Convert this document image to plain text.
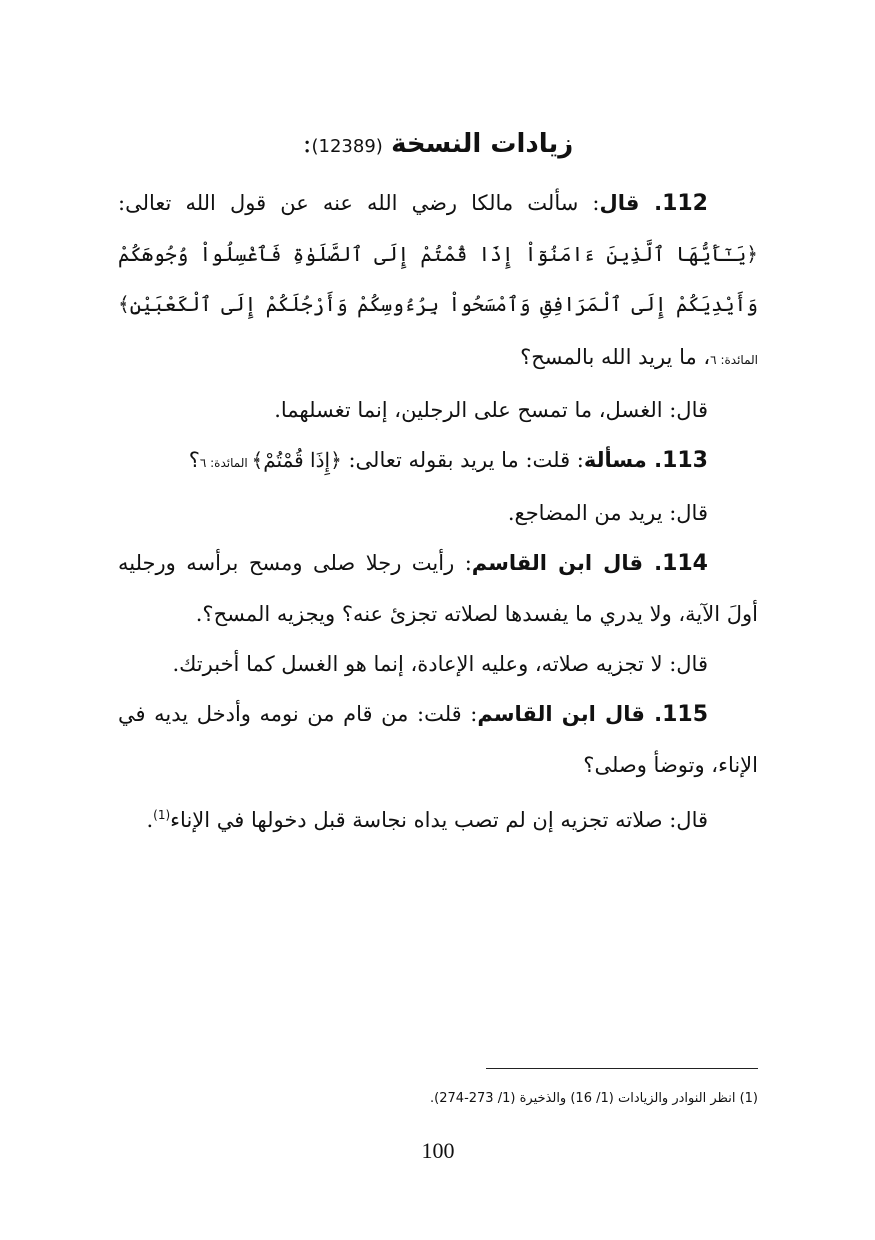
زيادات النسخة (12389):

112. قال: سألت مالكا رضي الله عنه عن قول الله تعالى: ﴿يَـٰٓأَيُّهَا ٱلَّذِينَ ءَامَنُوٓاْ إِذَا قُمْتُمْ إِلَى ٱلصَّلَوٰةِ فَٱغْسِلُواْ وُجُوهَكُمْ وَأَيْدِيَكُمْ إِلَى ٱلْمَرَافِقِ وَٱمْسَحُواْ بِرُءُوسِكُمْ وَأَرْجُلَكُمْ إِلَى ٱلْكَعْبَيْنِ﴾ المائدة: ٦، ما يريد الله بالمسح؟

قال: الغسل، ما تمسح على الرجلين، إنما تغسلهما.

113. مسألة: قلت: ما يريد بقوله تعالى: ﴿إِذَا قُمْتُمْ﴾ المائدة: ٦؟

قال: يريد من المضاجع.

114. قال ابن القاسم: رأيت رجلا صلى ومسح برأسه ورجليه أولَ الآية، ولا يدري ما يفسدها لصلاته تجزئ عنه؟ ويجزيه المسح؟.

قال: لا تجزيه صلاته، وعليه الإعادة، إنما هو الغسل كما أخبرتك.

115. قال ابن القاسم: قلت: من قام من نومه وأدخل يديه في الإناء، وتوضأ وصلى؟

قال: صلاته تجزيه إن لم تصب يداه نجاسة قبل دخولها في الإناء$^{(1)}$.

(1) انظر النوادر والزيادات (1/ 16) والذخيرة (1/ 273-274).
100
